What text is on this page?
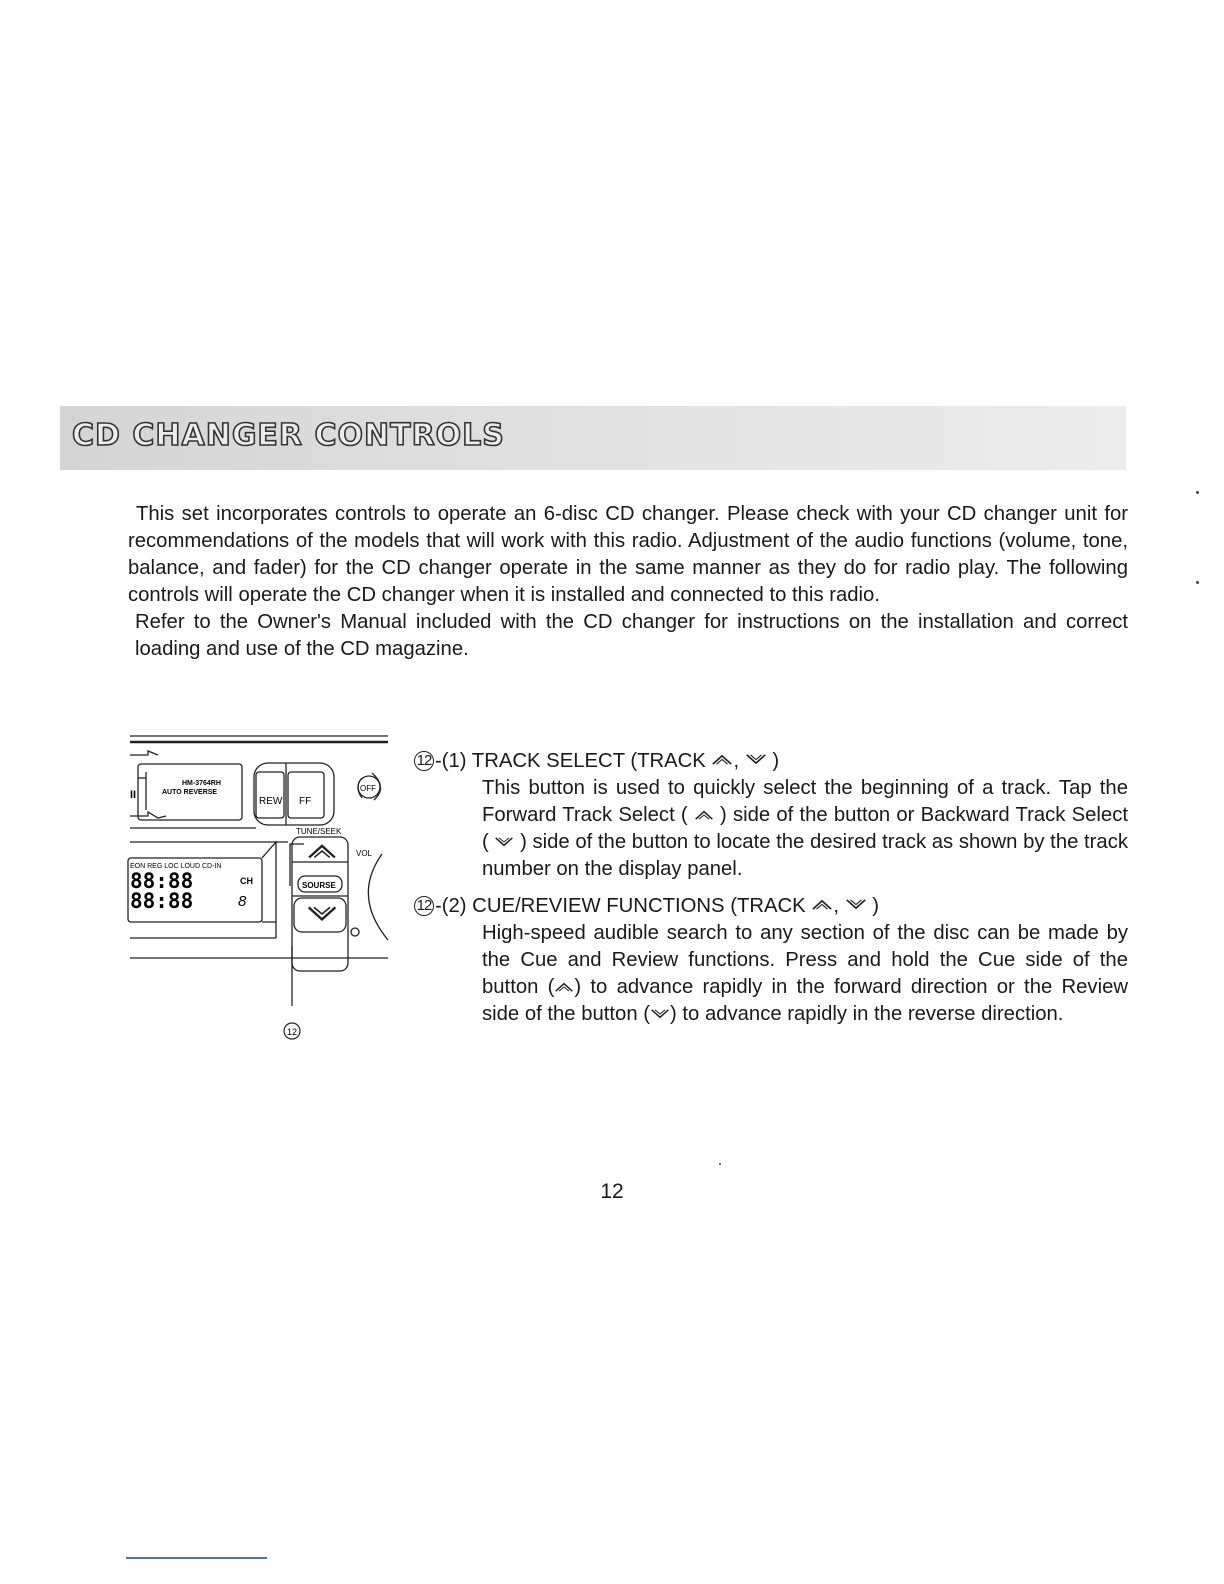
CD CHANGER CONTROLS

This set incorporates controls to operate an 6-disc CD changer. Please check with your CD changer unit for recommendations of the models that will work with this radio. Adjustment of the audio functions (volume, tone, balance, and fader) for the CD changer operate in the same manner as they do for radio play. The following controls will operate the CD changer when it is installed and connected to this radio.

Refer to the Owner's Manual included with the CD changer for instructions on the installation and correct loading and use of the CD magazine.

II
HM-3764RH
AUTO REVERSE
REW FF
OFF
TUNE/SEEK
VOL
EON REG LOC LOUD CD-IN
88:88
88:88
CH
8
SOURSE
12
12 -(1) TRACK SELECT (TRACK , )
This button is used to quickly select the beginning of a track. Tap the Forward Track Select ( ) side of the button or Backward Track Select ( ) side of the button to locate the desired track as shown by the track number on the display panel.
12 -(2) CUE/REVIEW FUNCTIONS (TRACK , )
High-speed audible search to any section of the disc can be made by the Cue and Review functions. Press and hold the Cue side of the button ( ) to advance rapidly in the forward direction or the Review side of the button ( ) to advance rapidly in the reverse direction.
12
